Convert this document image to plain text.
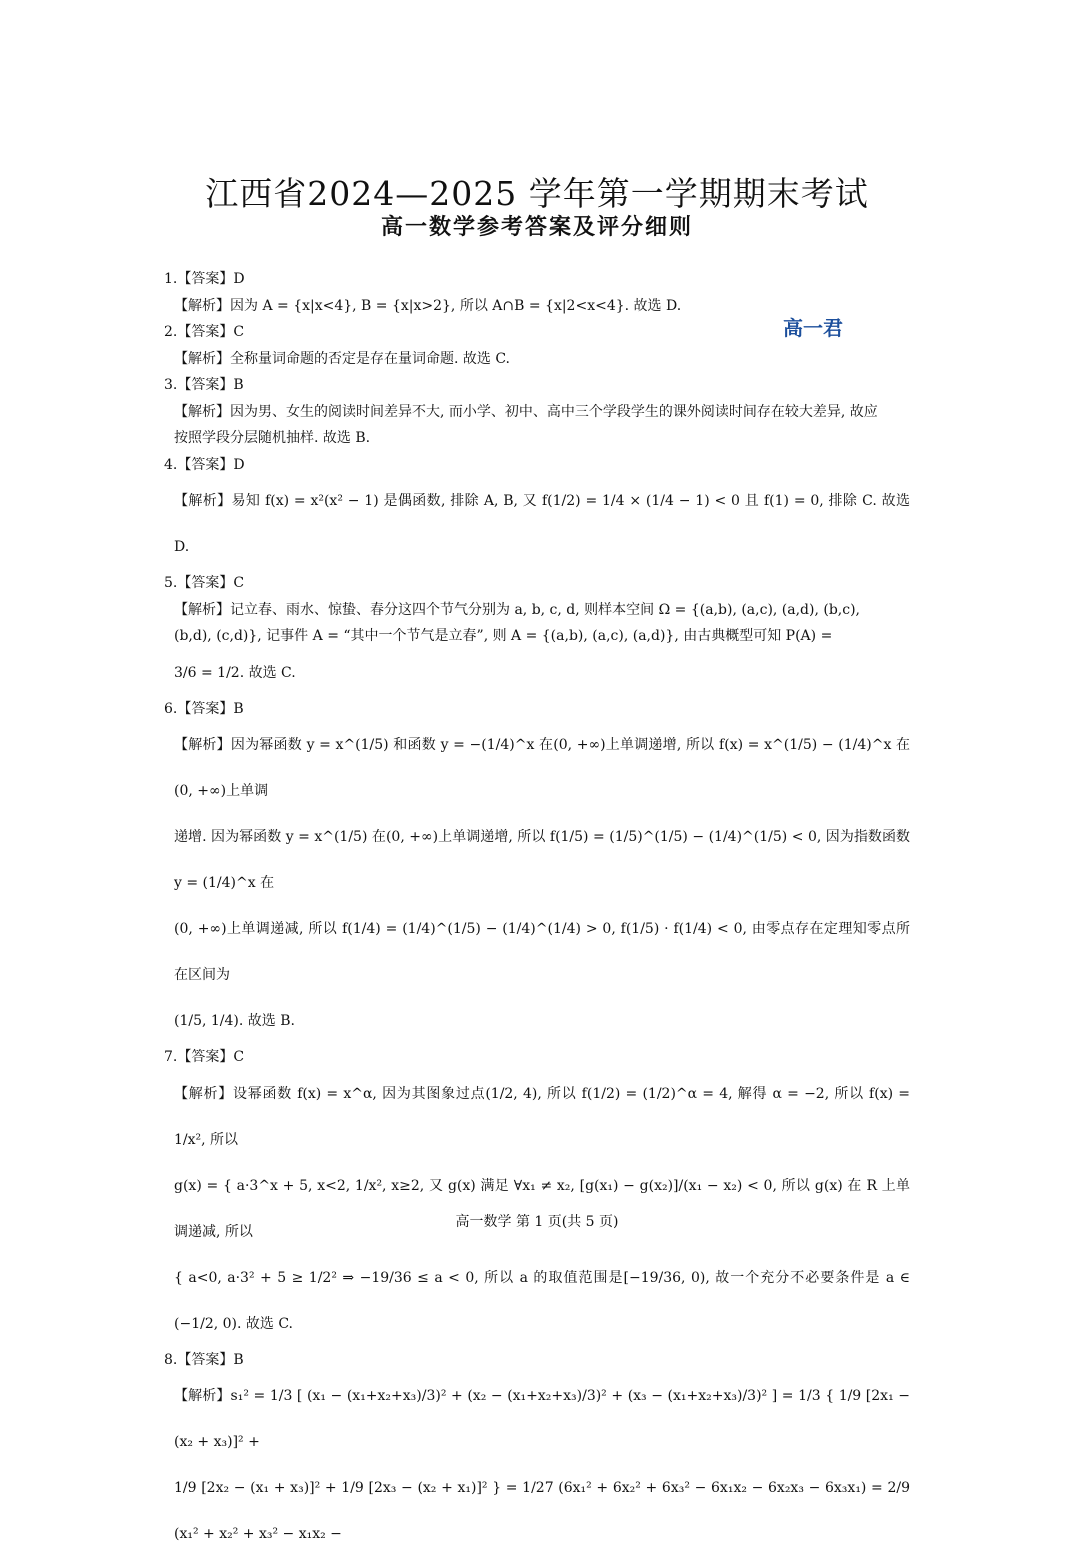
江西省2024—2025 学年第一学期期末考试
高一数学参考答案及评分细则
高一君

1.【答案】D

【解析】因为 A = {x|x<4}, B = {x|x>2}, 所以 A∩B = {x|2<x<4}. 故选 D.

2.【答案】C

【解析】全称量词命题的否定是存在量词命题. 故选 C.

3.【答案】B

【解析】因为男、女生的阅读时间差异不大, 而小学、初中、高中三个学段学生的课外阅读时间存在较大差异, 故应

按照学段分层随机抽样. 故选 B.

4.【答案】D

【解析】易知 f(x) = x²(x² − 1) 是偶函数, 排除 A, B, 又 f(1/2) = 1/4 × (1/4 − 1) < 0 且 f(1) = 0, 排除 C. 故选 D.

5.【答案】C

【解析】记立春、雨水、惊蛰、春分这四个节气分别为 a, b, c, d, 则样本空间 Ω = {(a,b), (a,c), (a,d), (b,c),

(b,d), (c,d)}, 记事件 A = “其中一个节气是立春”, 则 A = {(a,b), (a,c), (a,d)}, 由古典概型可知 P(A) =

3/6 = 1/2. 故选 C.

6.【答案】B

【解析】因为幂函数 y = x^(1/5) 和函数 y = −(1/4)^x 在(0, +∞)上单调递增, 所以 f(x) = x^(1/5) − (1/4)^x 在(0, +∞)上单调

递增. 因为幂函数 y = x^(1/5) 在(0, +∞)上单调递增, 所以 f(1/5) = (1/5)^(1/5) − (1/4)^(1/5) < 0, 因为指数函数 y = (1/4)^x 在

(0, +∞)上单调递减, 所以 f(1/4) = (1/4)^(1/5) − (1/4)^(1/4) > 0, f(1/5) · f(1/4) < 0, 由零点存在定理知零点所在区间为

(1/5, 1/4). 故选 B.

7.【答案】C

【解析】设幂函数 f(x) = x^α, 因为其图象过点(1/2, 4), 所以 f(1/2) = (1/2)^α = 4, 解得 α = −2, 所以 f(x) = 1/x², 所以

g(x) = { a·3^x + 5, x<2, 1/x², x≥2, 又 g(x) 满足 ∀x₁ ≠ x₂, [g(x₁) − g(x₂)]/(x₁ − x₂) < 0, 所以 g(x) 在 R 上单调递减, 所以

{ a<0, a·3² + 5 ≥ 1/2² ⇒ −19/36 ≤ a < 0, 所以 a 的取值范围是[−19/36, 0), 故一个充分不必要条件是 a ∈ (−1/2, 0). 故选 C.

8.【答案】B

【解析】s₁² = 1/3 [ (x₁ − (x₁+x₂+x₃)/3)² + (x₂ − (x₁+x₂+x₃)/3)² + (x₃ − (x₁+x₂+x₃)/3)² ] = 1/3 { 1/9 [2x₁ − (x₂ + x₃)]² +

1/9 [2x₂ − (x₁ + x₃)]² + 1/9 [2x₃ − (x₂ + x₁)]² } = 1/27 (6x₁² + 6x₂² + 6x₃² − 6x₁x₂ − 6x₂x₃ − 6x₃x₁) = 2/9 (x₁² + x₂² + x₃² − x₁x₂ −

高一数学 第 1 页(共 5 页)
